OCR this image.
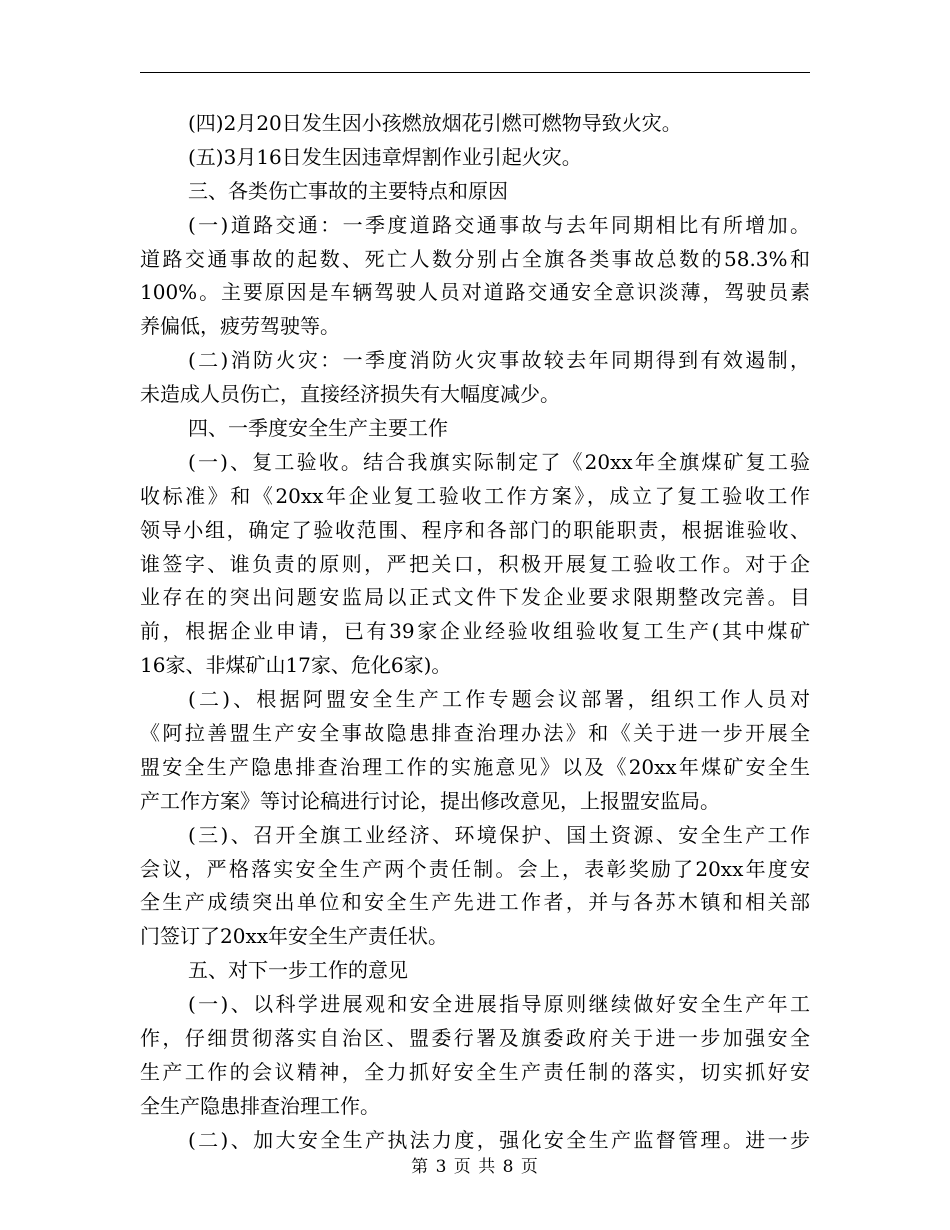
(四)2月20日发生因小孩燃放烟花引燃可燃物导致火灾。
(五)3月16日发生因违章焊割作业引起火灾。
三、各类伤亡事故的主要特点和原因
(一)道路交通：一季度道路交通事故与去年同期相比有所增加。
道路交通事故的起数、死亡人数分别占全旗各类事故总数的58.3%和
100%。主要原因是车辆驾驶人员对道路交通安全意识淡薄，驾驶员素
养偏低，疲劳驾驶等。
(二)消防火灾：一季度消防火灾事故较去年同期得到有效遏制，
未造成人员伤亡，直接经济损失有大幅度减少。
四、一季度安全生产主要工作
(一)、复工验收。结合我旗实际制定了《20xx年全旗煤矿复工验
收标准》和《20xx年企业复工验收工作方案》，成立了复工验收工作
领导小组，确定了验收范围、程序和各部门的职能职责，根据谁验收、
谁签字、谁负责的原则，严把关口，积极开展复工验收工作。对于企
业存在的突出问题安监局以正式文件下发企业要求限期整改完善。目
前，根据企业申请，已有39家企业经验收组验收复工生产(其中煤矿
16家、非煤矿山17家、危化6家)。
(二)、根据阿盟安全生产工作专题会议部署，组织工作人员对
《阿拉善盟生产安全事故隐患排查治理办法》和《关于进一步开展全
盟安全生产隐患排查治理工作的实施意见》以及《20xx年煤矿安全生
产工作方案》等讨论稿进行讨论，提出修改意见，上报盟安监局。
(三)、召开全旗工业经济、环境保护、国土资源、安全生产工作
会议，严格落实安全生产两个责任制。会上，表彰奖励了20xx年度安
全生产成绩突出单位和安全生产先进工作者，并与各苏木镇和相关部
门签订了20xx年安全生产责任状。
五、对下一步工作的意见
(一)、以科学进展观和安全进展指导原则继续做好安全生产年工
作，仔细贯彻落实自治区、盟委行署及旗委政府关于进一步加强安全
生产工作的会议精神，全力抓好安全生产责任制的落实，切实抓好安
全生产隐患排查治理工作。
(二)、加大安全生产执法力度，强化安全生产监督管理。进一步
第 3 页 共 8 页
